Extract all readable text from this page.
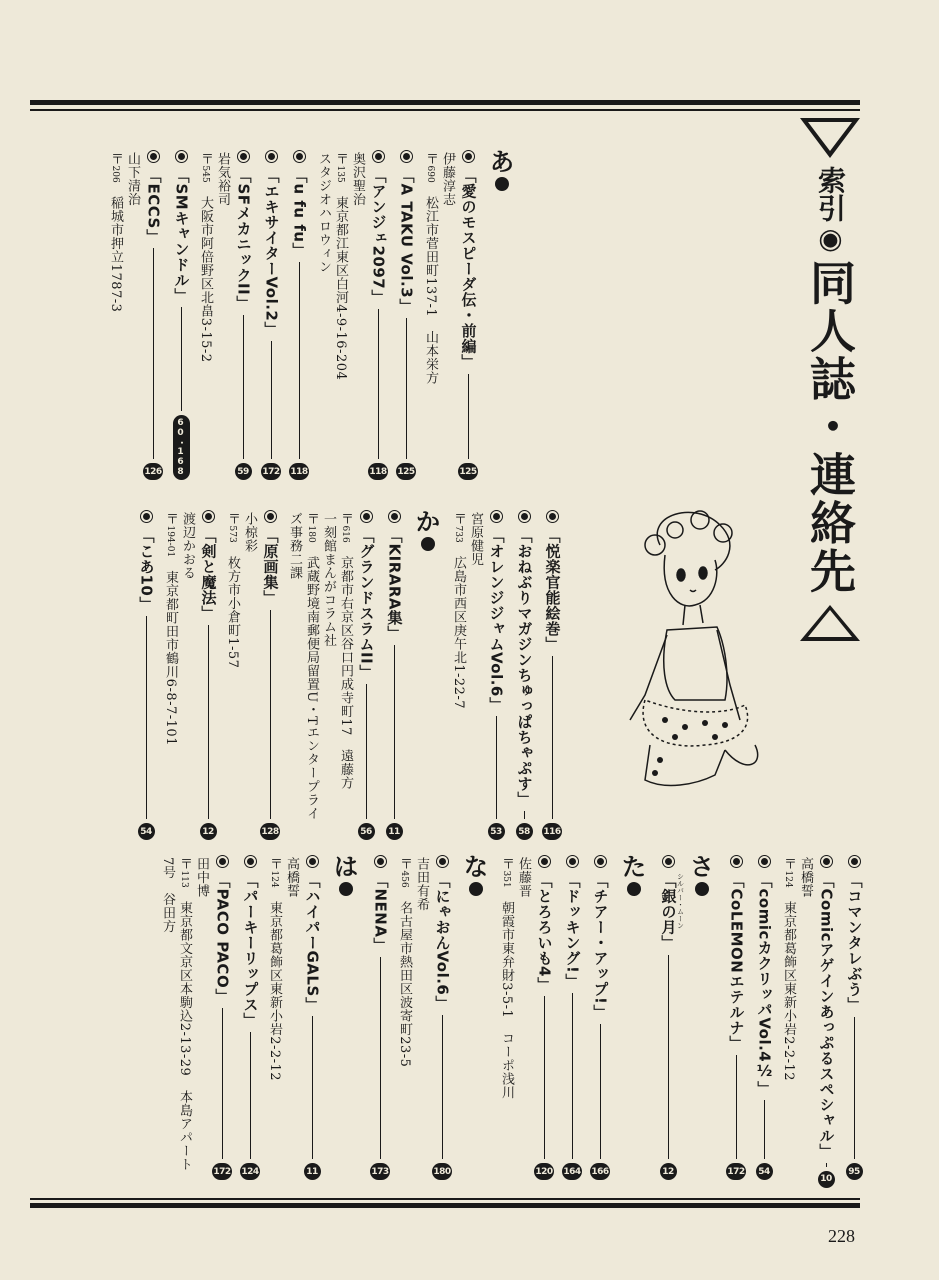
索引◉
同人誌・連絡先
あ
「愛のモスピーダ伝・前編」
125
伊藤淳志
〒690　松江市菅田町137-1　山本栄方
「A TAKU Vol.3」
125
「アンジェ2097」
118
奥沢聖治
〒135　東京都江東区白河4-9-16-204
スタジオハロウィン
「u fu fu」
118
「エキサイターVol.2」
172
「SFメカニックII」
59
岩気裕司
〒545　大阪市阿倍野区北畠3-15-2
「SMキャンドル」
60・168
「ECCS」
126
山下清治
〒206　稲城市押立1787-3
「悦楽官能絵巻」
116
「おねぶりマガジンちゅっぱちゃぷす」
58
「オレンジジャムVol.6」
53
宮原健児
〒733　広島市西区庚午北1-22-7
か
「KIRARA集」
11
「グランドスラムII」
56
〒616　京都市右京区谷口円成寺町17　遠藤方
一刻館まんがコラム社
〒180　武蔵野境南郵便局留置U・Tエンタープライ
ズ事務二課
「原画集」
128
小椋彩
〒573　枚方市小倉町1-57
「剣と魔法」
12
渡辺かおる
〒194-01　東京都町田市鶴川6-8-7-101
「こあ10」
54
「コマンタレぶう」
95
「Comicアゲインあっぷるスペシャル」
10
高橋誓
〒124　東京都葛飾区東新小岩2-2-12
「comicカクリッパVol.4½」
54
「CoLEMONエテルナ」
172
さ
「銀の月」 シルバー・ムーン
12
た
「チアー・アップ!」
166
「ドッキング!」
164
「とろろいも4」
120
佐藤晋
〒351　朝霞市東弁財3-5-1　コーポ浅川
な
「にゃおんVol.6」
180
吉田有希
〒456　名古屋市熱田区波寄町23-5
「NENA」
173
は
「ハイパーGALS」
11
高橋誓
〒124　東京都葛飾区東新小岩2-2-12
「パーキーリップス」
124
「PACO PACO」
172
田中博
〒113　東京都文京区本駒込2-13-29　本島アパート
7号　谷田方
228
